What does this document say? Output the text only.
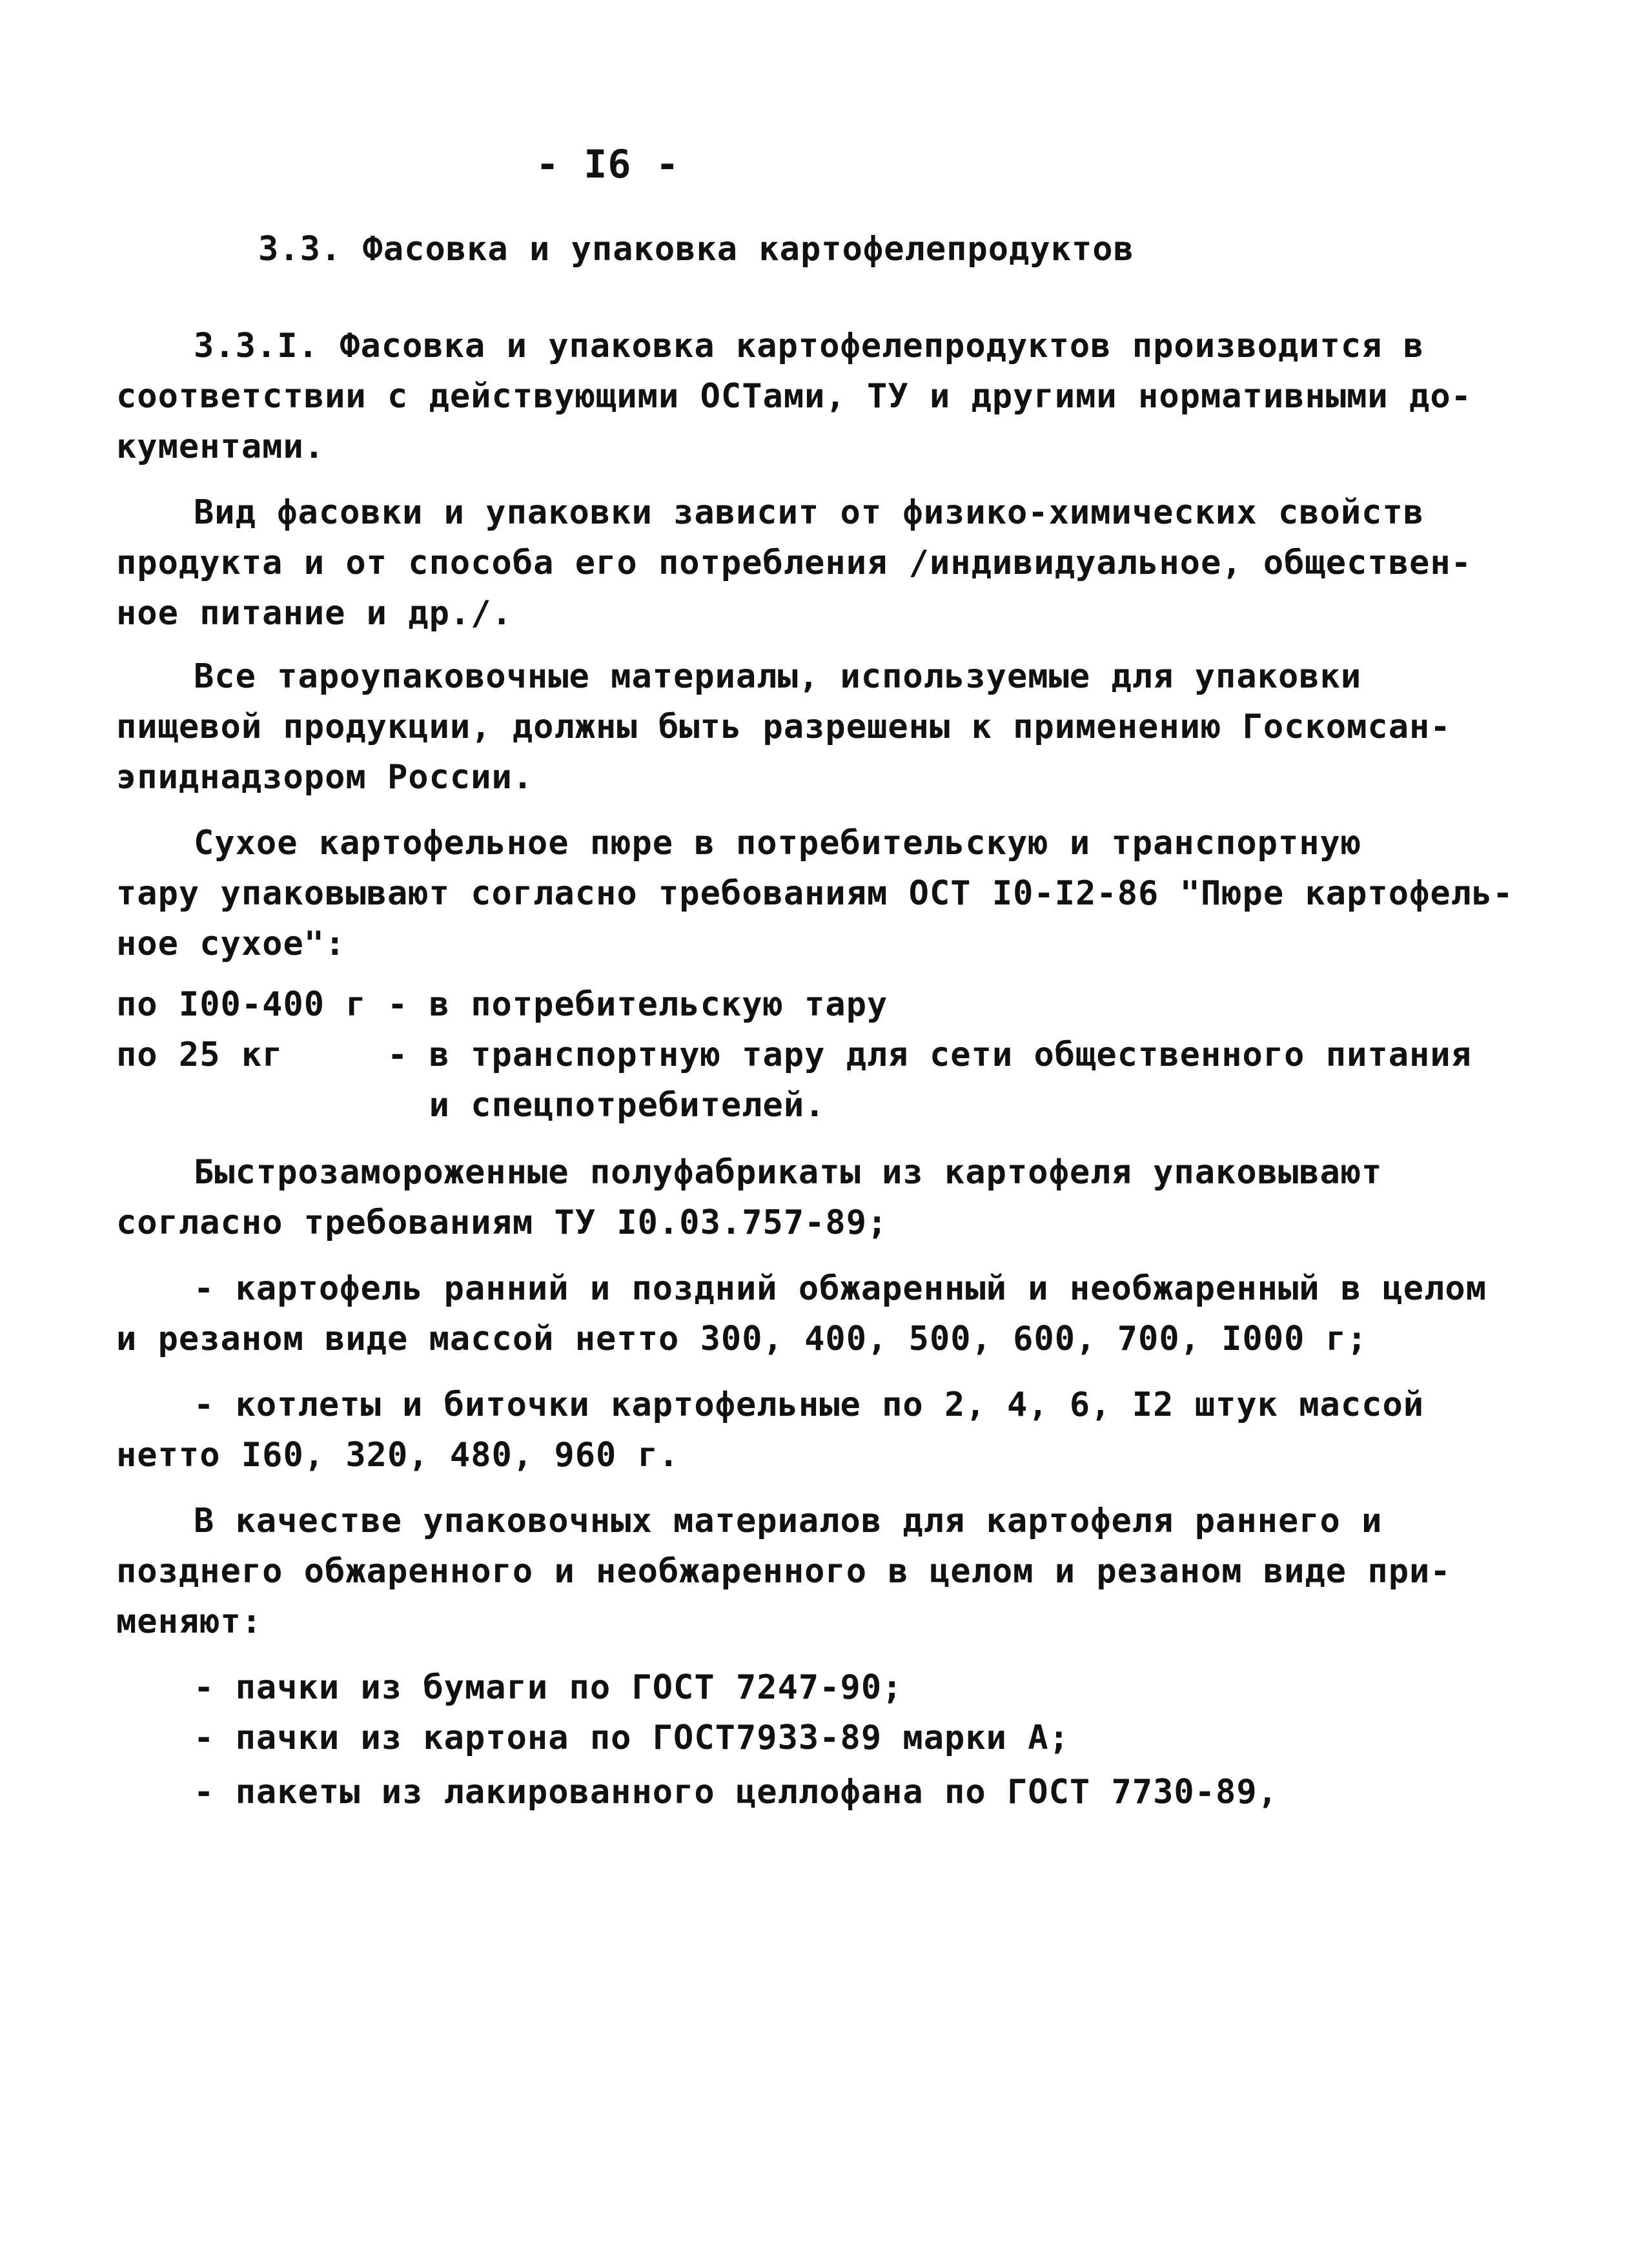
- I6 -
3.3. Фасовка и упаковка картофелепродуктов
3.3.I. Фасовка и упаковка картофелепродуктов производится в
соответствии с действующими ОСТами, ТУ и другими нормативными до-
кументами.
Вид фасовки и упаковки зависит от физико-химических свойств
продукта и от способа его потребления /индивидуальное, обществен-
ное питание и др./.
Все тароупаковочные материалы, используемые для упаковки
пищевой продукции, должны быть разрешены к применению Госкомсан-
эпиднадзором России.
Сухое картофельное пюре в потребительскую и транспортную
тару упаковывают согласно требованиям ОСТ I0-I2-86 "Пюре картофель-
ное сухое":
по I00-400 г - в потребительскую тару
по 25 кг     - в транспортную тару для сети общественного питания
и спецпотребителей.
Быстрозамороженные полуфабрикаты из картофеля упаковывают
согласно требованиям ТУ I0.03.757-89;
- картофель ранний и поздний обжаренный и необжаренный в целом
и резаном виде массой нетто 300, 400, 500, 600, 700, I000 г;
- котлеты и биточки картофельные по 2, 4, 6, I2 штук массой
нетто I60, 320, 480, 960 г.
В качестве упаковочных материалов для картофеля раннего и
позднего обжаренного и необжаренного в целом и резаном виде при-
меняют:
- пачки из бумаги по ГОСТ 7247-90;
- пачки из картона по ГОСТ7933-89 марки А;
- пакеты из лакированного целлофана по ГОСТ 7730-89,
